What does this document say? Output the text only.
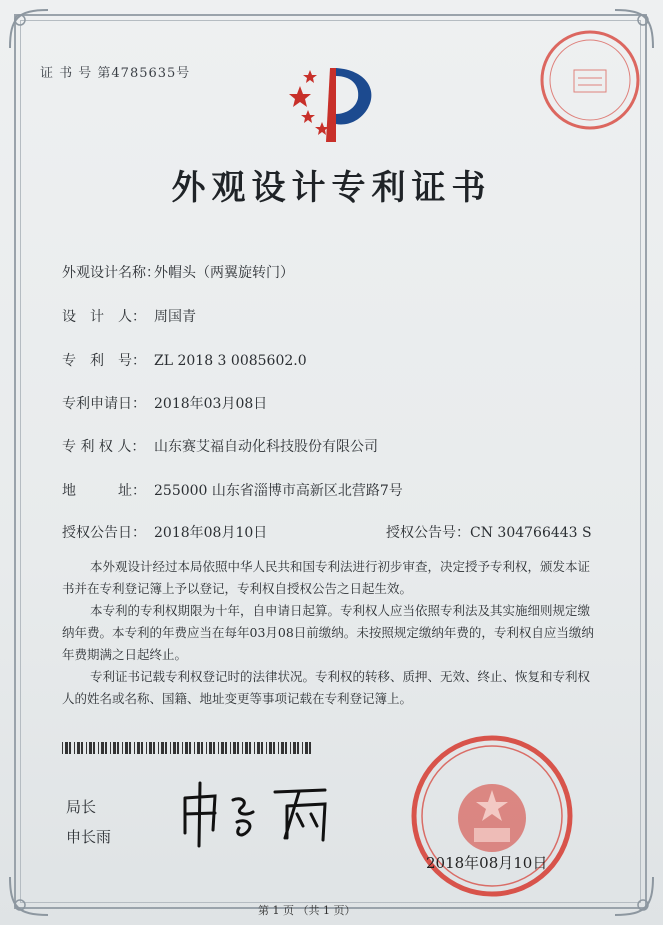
证 书 号 第4785635号
外观设计专利证书
外观设计名称：外帽头（两翼旋转门）
设　计　人： 周国青
专　利　号： ZL 2018 3 0085602.0
专利申请日： 2018年03月08日
专 利 权 人： 山东赛艾福自动化科技股份有限公司
地　　　址： 255000 山东省淄博市高新区北营路7号
授权公告日： 2018年08月10日	授权公告号：CN 304766443 S
本外观设计经过本局依照中华人民共和国专利法进行初步审查，决定授予专利权，颁发本证书并在专利登记簿上予以登记，专利权自授权公告之日起生效。
本专利的专利权期限为十年，自申请日起算。专利权人应当依照专利法及其实施细则规定缴纳年费。本专利的年费应当在每年03月08日前缴纳。未按照规定缴纳年费的，专利权自应当缴纳年费期满之日起终止。
专利证书记载专利权登记时的法律状况。专利权的转移、质押、无效、终止、恢复和专利权人的姓名或名称、国籍、地址变更等事项记载在专利登记簿上。
局长
申长雨
2018年08月10日
第 1 页 （共 1 页）
